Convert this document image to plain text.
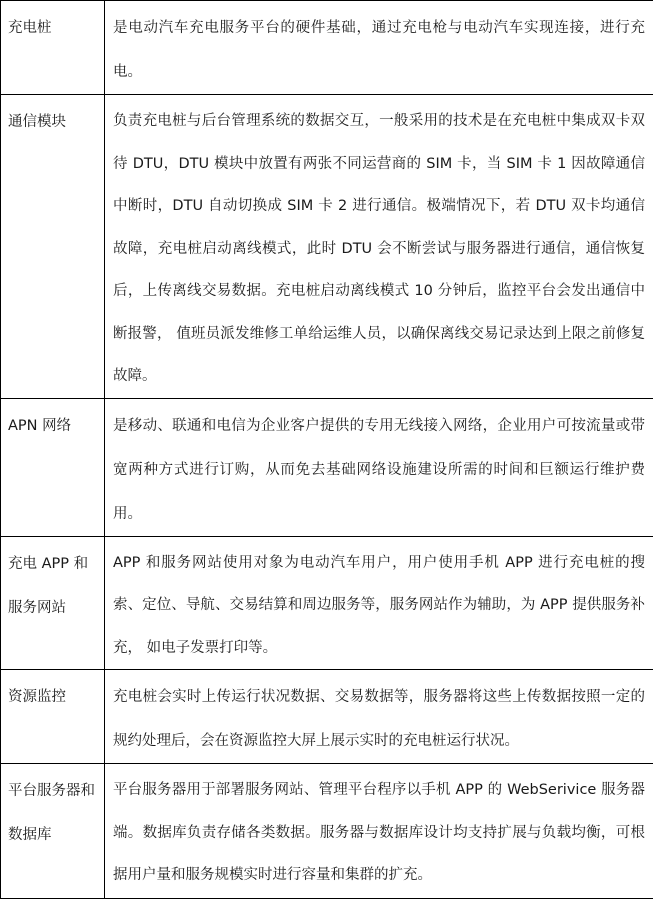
充电桩	是电动汽车充电服务平台的硬件基础，通过充电枪与电动汽车实现连接，进行充电。

通信模块	负责充电桩与后台管理系统的数据交互，一般采用的技术是在充电桩中集成双卡双待 DTU，DTU 模块中放置有两张不同运营商的 SIM 卡，当 SIM 卡 1 因故障通信中断时，DTU 自动切换成 SIM 卡 2 进行通信。极端情况下，若 DTU 双卡均通信故障，充电桩启动离线模式，此时 DTU 会不断尝试与服务器进行通信，通信恢复后，上传离线交易数据。充电桩启动离线模式 10 分钟后，监控平台会发出通信中断报警， 值班员派发维修工单给运维人员，以确保离线交易记录达到上限之前修复故障。

APN 网络	是移动、联通和电信为企业客户提供的专用无线接入网络，企业用户可按流量或带宽两种方式进行订购，从而免去基础网络设施建设所需的时间和巨额运行维护费用。

充电 APP 和服务网站	APP 和服务网站使用对象为电动汽车用户，用户使用手机 APP 进行充电桩的搜索、定位、导航、交易结算和周边服务等，服务网站作为辅助，为 APP 提供服务补充， 如电子发票打印等。

资源监控	充电桩会实时上传运行状况数据、交易数据等，服务器将这些上传数据按照一定的规约处理后，会在资源监控大屏上展示实时的充电桩运行状况。

平台服务器和数据库	平台服务器用于部署服务网站、管理平台程序以手机 APP 的 WebSerivice 服务器端。数据库负责存储各类数据。服务器与数据库设计均支持扩展与负载均衡，可根据用户量和服务规模实时进行容量和集群的扩充。
